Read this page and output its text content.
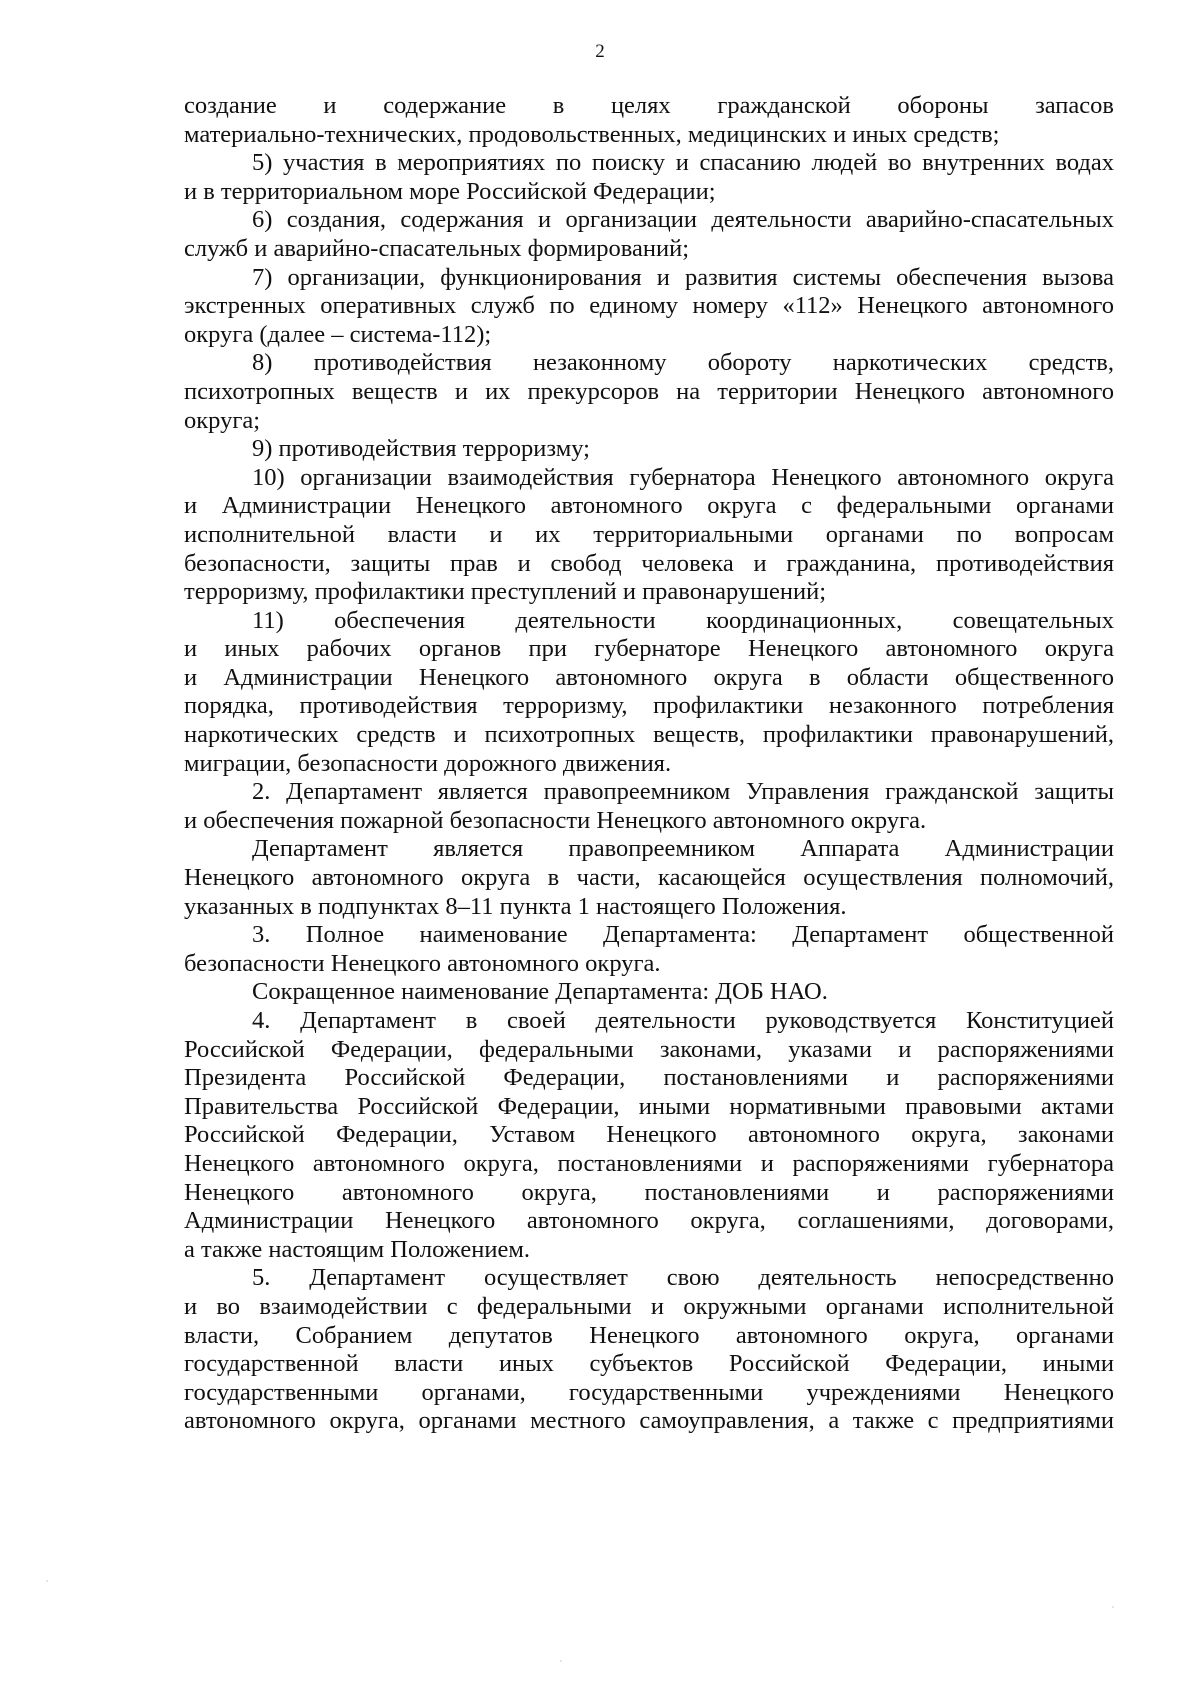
2
создание и содержание в целях гражданской обороны запасов
материально-технических, продовольственных, медицинских и иных средств;
5) участия в мероприятиях по поиску и спасанию людей во внутренних водах
и в территориальном море Российской Федерации;
6) создания, содержания и организации деятельности аварийно-спасательных
служб и аварийно-спасательных формирований;
7) организации, функционирования и развития системы обеспечения вызова
экстренных оперативных служб по единому номеру «112» Ненецкого автономного
округа (далее – система-112);
8) противодействия незаконному обороту наркотических средств,
психотропных веществ и их прекурсоров на территории Ненецкого автономного
округа;
9) противодействия терроризму;
10) организации взаимодействия губернатора Ненецкого автономного округа
и Администрации Ненецкого автономного округа с федеральными органами
исполнительной власти и их территориальными органами по вопросам
безопасности, защиты прав и свобод человека и гражданина, противодействия
терроризму, профилактики преступлений и правонарушений;
11) обеспечения деятельности координационных, совещательных
и иных рабочих органов при губернаторе Ненецкого автономного округа
и Администрации Ненецкого автономного округа в области общественного
порядка, противодействия терроризму, профилактики незаконного потребления
наркотических средств и психотропных веществ, профилактики правонарушений,
миграции, безопасности дорожного движения.
2. Департамент является правопреемником Управления гражданской защиты
и обеспечения пожарной безопасности Ненецкого автономного округа.
Департамент является правопреемником Аппарата Администрации
Ненецкого автономного округа в части, касающейся осуществления полномочий,
указанных в подпунктах 8–11 пункта 1 настоящего Положения.
3. Полное наименование Департамента: Департамент общественной
безопасности Ненецкого автономного округа.
Сокращенное наименование Департамента: ДОБ НАО.
4. Департамент в своей деятельности руководствуется Конституцией
Российской Федерации, федеральными законами, указами и распоряжениями
Президента Российской Федерации, постановлениями и распоряжениями
Правительства Российской Федерации, иными нормативными правовыми актами
Российской Федерации, Уставом Ненецкого автономного округа, законами
Ненецкого автономного округа, постановлениями и распоряжениями губернатора
Ненецкого автономного округа, постановлениями и распоряжениями
Администрации Ненецкого автономного округа, соглашениями, договорами,
а также настоящим Положением.
5. Департамент осуществляет свою деятельность непосредственно
и во взаимодействии с федеральными и окружными органами исполнительной
власти, Собранием депутатов Ненецкого автономного округа, органами
государственной власти иных субъектов Российской Федерации, иными
государственными органами, государственными учреждениями Ненецкого
автономного округа, органами местного самоуправления, а также с предприятиями
